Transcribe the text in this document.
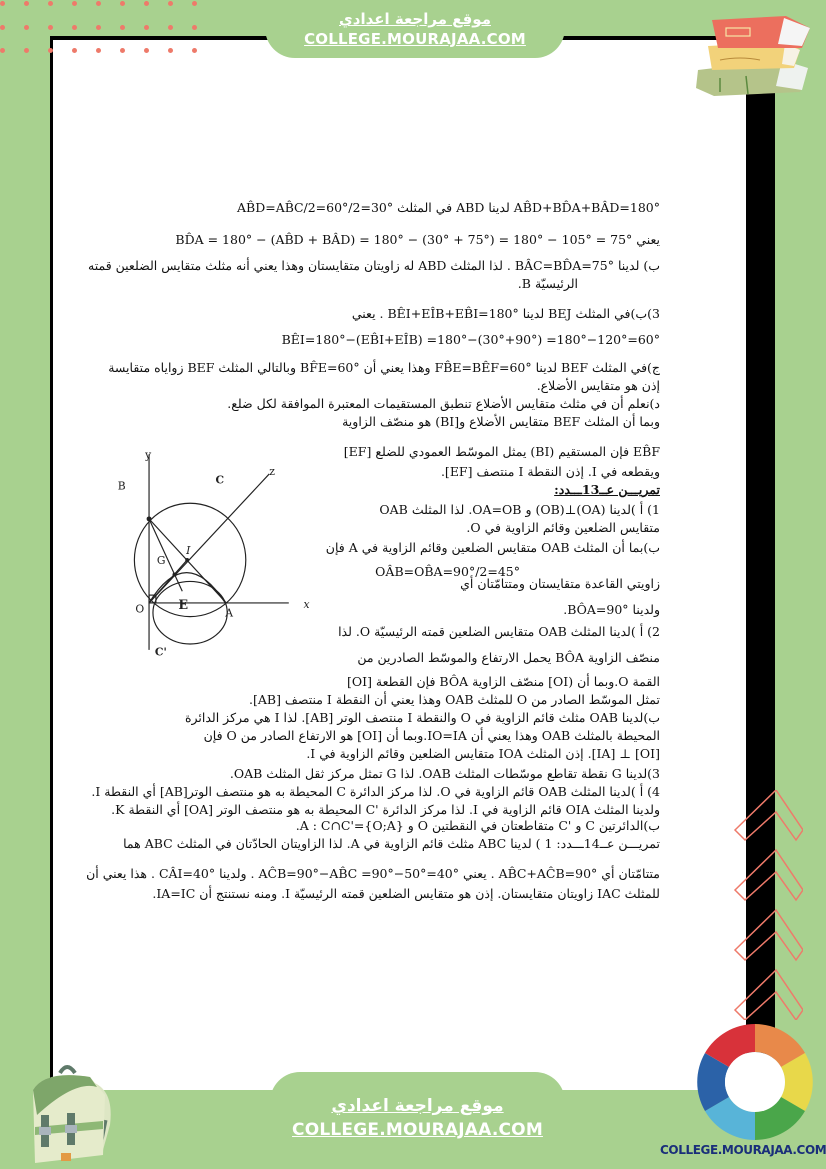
موقع مراجعة اعدادي
COLLEGE.MOURAJAA.COM
AB̂D+BD̂A+BÂD=180° لدينا ABD في المثلث AB̂D=AB̂C/2=60°/2=30°
يعني BD̂A = 180° − (AB̂D + BÂD) = 180° − (30° + 75°) = 180° − 105° = 75°
ب) لدينا BÂC=BD̂A=75° . لذا المثلث ABD له زاويتان متقايستان وهذا يعني أنه مثلث متقايس الضلعين قمته
الرئيسيّة B.
3)ب)في المثلث BEJ لدينا BÊI+EÎB+EB̂I=180° . يعني
BÊI=180°−(EB̂I+EÎB) =180°−(30°+90°) =180°−120°=60°
ج)في المثلث BEF لدينا FB̂E=BÊF=60° وهذا يعني أن BF̂E=60° وبالتالي المثلث BEF زواياه متقايسة
إذن هو متقايس الأضلاع.
د)نعلم أن في مثلث متقايس الأضلاع تنطبق المستقيمات المعتبرة الموافقة لكل ضلع.
وبما أن المثلث BEF متقايس الأضلاع و[BI) هو منصّف الزاوية
EB̂F فإن المستقيم (BI) يمثل الموسّط العمودي للضلع [EF]
ويقطعه في I. إذن النقطة I منتصف [EF].
تمريـــن عــ13ـــدد:
1) أ )لدينا (OA)⊥(OB) و OA=OB. لذا المثلث OAB
متقايس الضلعين وقائم الزاوية في O.
ب)بما أن المثلث OAB متقايس الضلعين وقائم الزاوية في A فإن
OÂB=OB̂A=90°/2=45°
زاويتي القاعدة متقايستان ومتتامّتان أي
ولدينا BÔA=90°.
2) أ )لدينا المثلث OAB متقايس الضلعين قمته الرئيسيّة O. لذا
منصّف الزاوية BÔA يحمل الارتفاع والموسّط الصادرين من
القمة O.وبما أن (OI] منصّف الزاوية BÔA فإن القطعة [OI]
تمثل الموسّط الصادر من O للمثلث OAB وهذا يعني أن النقطة I منتصف [AB].
ب)لدينا OAB مثلث قائم الزاوية في O والنقطة I منتصف الوتر [AB]. لذا I هي مركز الدائرة
المحيطة بالمثلث OAB وهذا يعني أن IO=IA.وبما أن [OI] هو الارتفاع الصادر من O فإن
[OI] ⊥ [IA]. إذن المثلث IOA متقايس الضلعين وقائم الزاوية في I.
3)لدينا G نقطة تقاطع موسّطات المثلث OAB. لذا G تمثل مركز ثقل المثلث OAB.
4) أ )لدينا المثلث OAB قائم الزاوية في O. لذا مركز الدائرة C المحيطة به هو منتصف الوتر[AB] أي النقطة I.
ولدينا المثلث OIA قائم الزاوية في I. لذا مركز الدائرة 'C المحيطة به هو منتصف الوتر [OA] أي النقطة K.
ب)الدائرتين C و 'C متقاطعتان في النقطتين O و A : C∩C'={O;A}.
تمريـــن عــ14ـــدد: 1 ) لدينا ABC مثلث قائم الزاوية في A. لذا الزاويتان الحادّتان في المثلث ABC هما
متتامّتان أي AB̂C+AĈB=90° . يعني AĈB=90°−AB̂C =90°−50°=40° . ولدينا CÂI=40° . هذا يعني أن
للمثلث IAC زاويتان متقايستان. إذن هو متقايس الضلعين قمته الرئيسيّة I. ومنه نستنتج أن IA=IC.
B
y
z
C
I
G
O	E
A
x
C'
موقع مراجعة اعدادي
COLLEGE.MOURAJAA.COM
COLLEGE.MOURAJAA.COM
